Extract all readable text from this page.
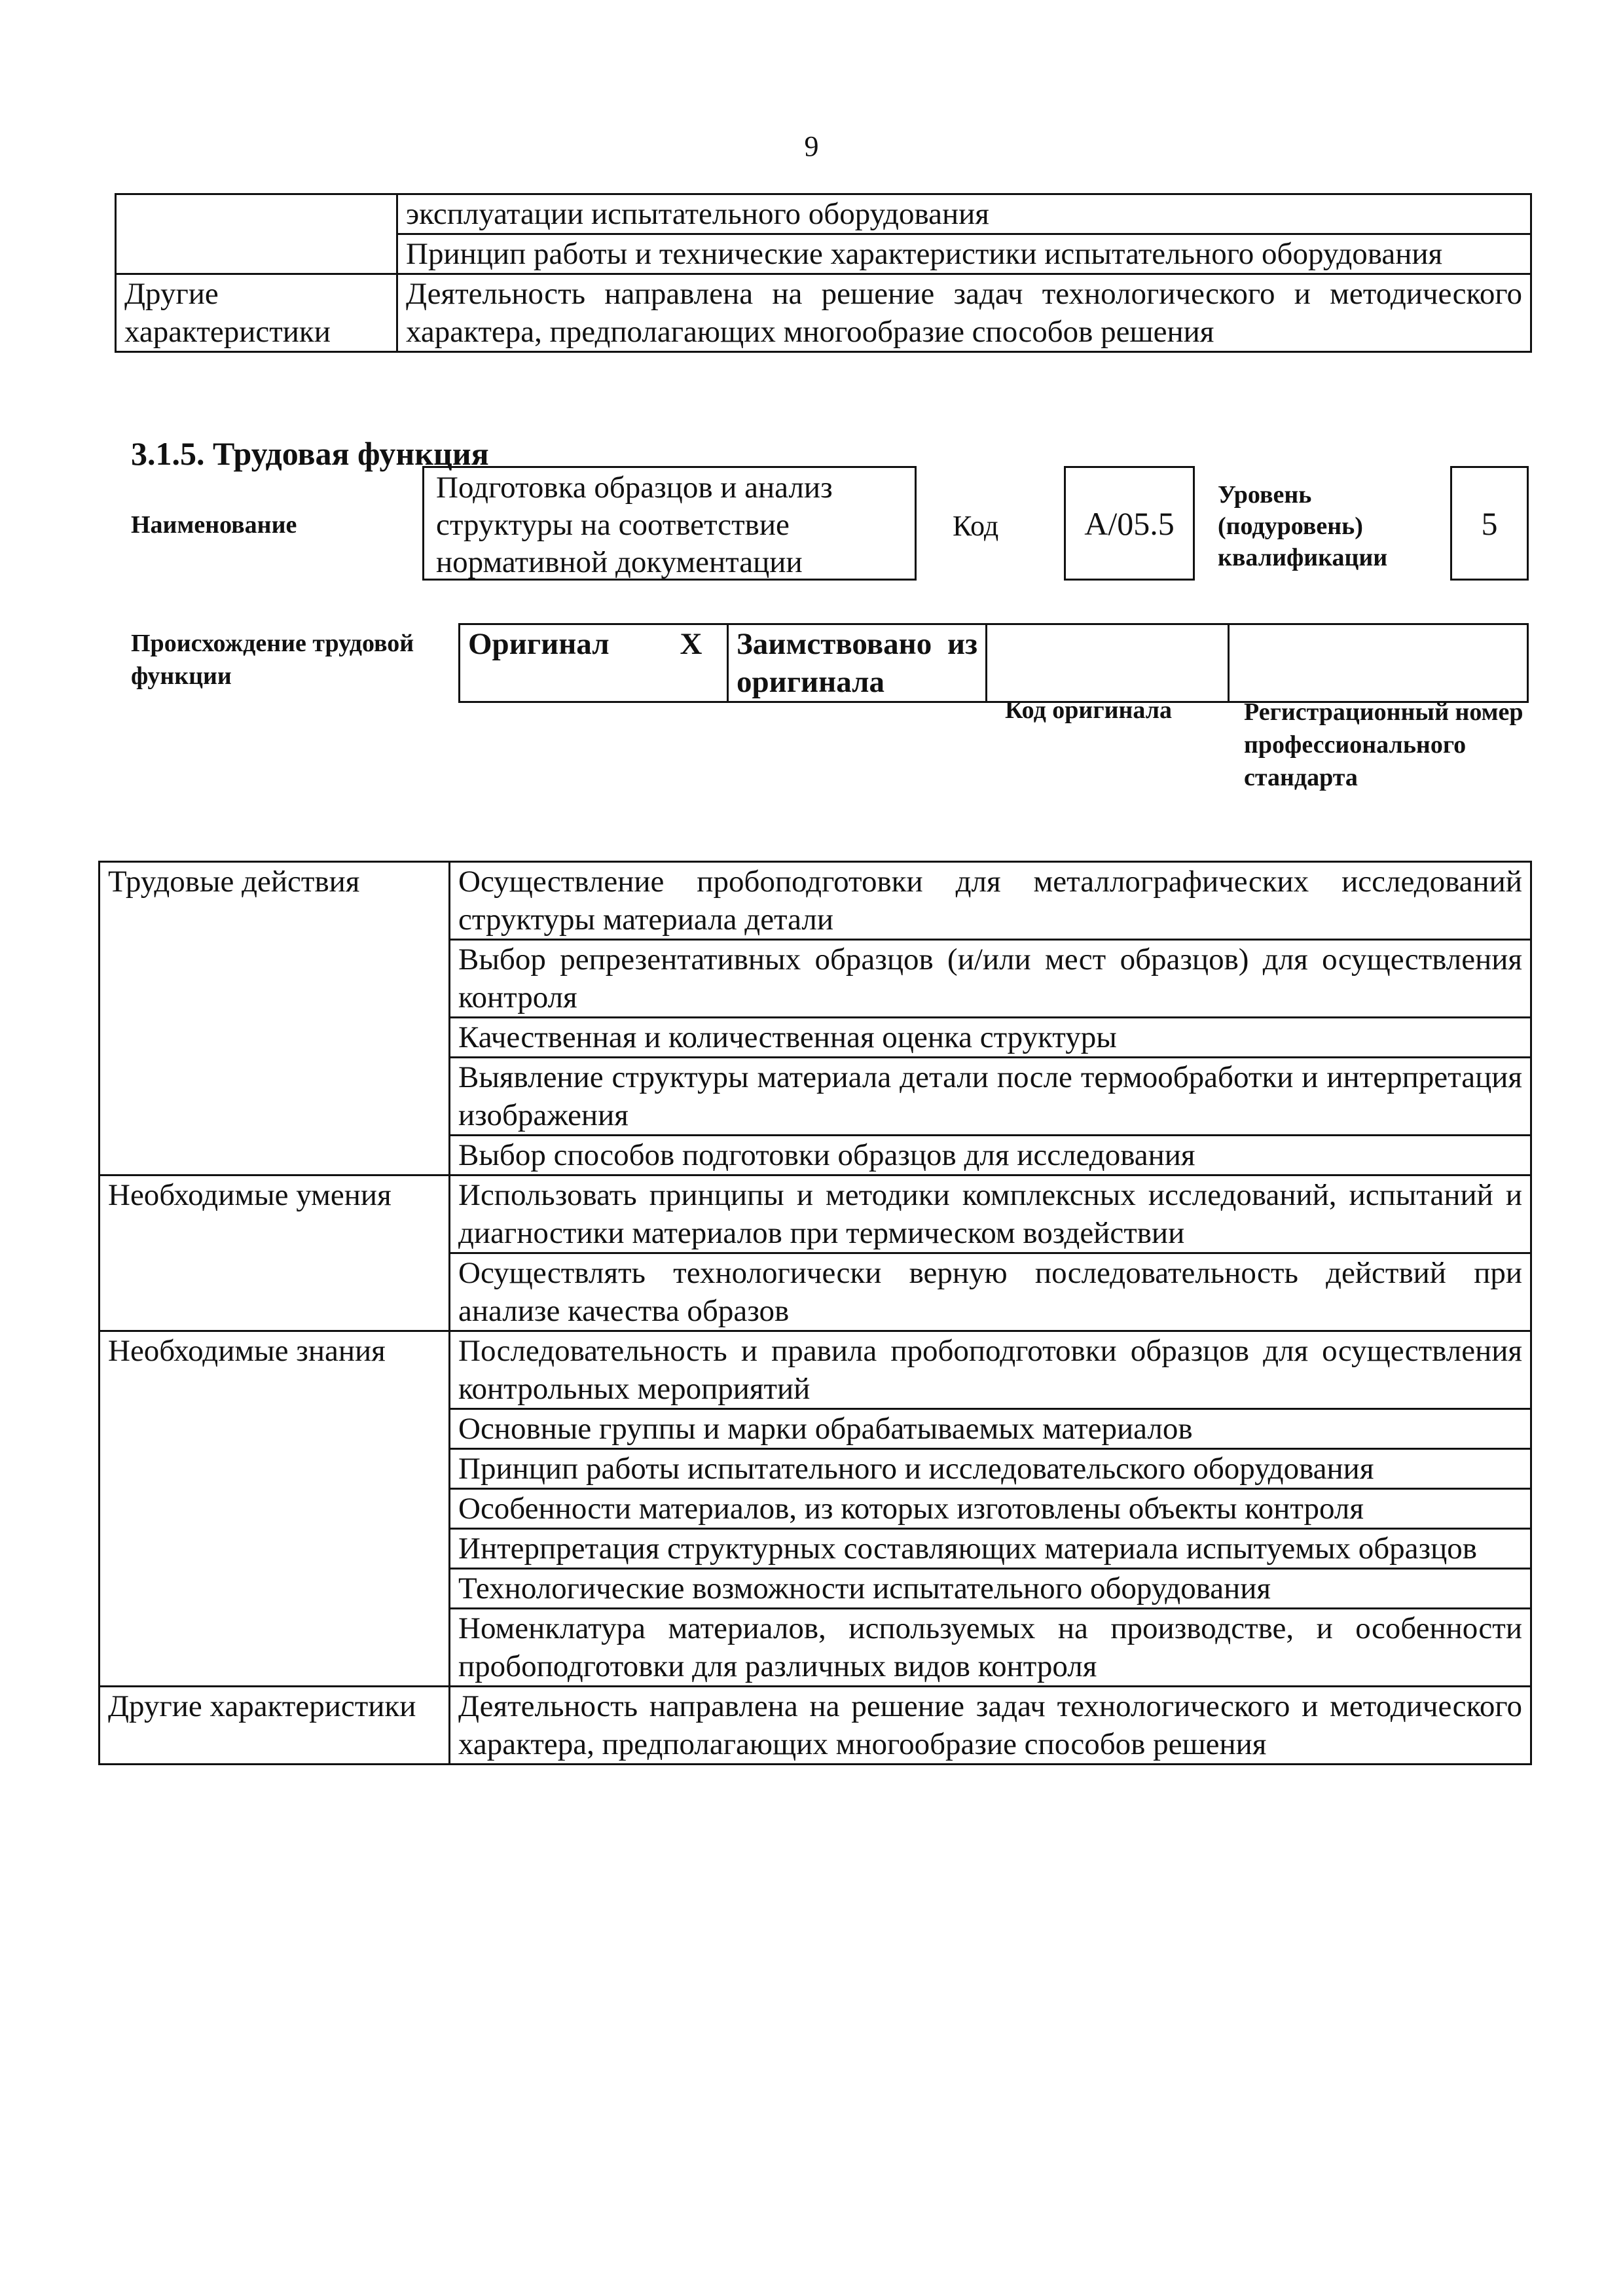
9
	эксплуатации испытательного оборудования
	Принцип работы и технические характеристики испытательного оборудования
Другие характеристики	Деятельность направлена на решение задач технологического и методического характера, предполагающих многообразие способов решения
3.1.5. Трудовая функция
Наименование
Подготовка образцов и анализ структуры на соответствие нормативной документации
Код	А/05.5
Уровень (подуровень) квалификации
5
Происхождение трудовой функции
Оригинал	X	Заимствовано из оригинала		
Код оригинала	Регистрационный номер профессионального стандарта
Трудовые действия	Осуществление пробоподготовки для металлографических исследований структуры материала детали
	Выбор репрезентативных образцов (и/или мест образцов) для осуществления контроля
	Качественная и количественная оценка структуры
	Выявление структуры материала детали после термообработки и интерпретация изображения
	Выбор способов подготовки образцов для исследования
Необходимые умения	Использовать принципы и методики комплексных исследований, испытаний и диагностики материалов при термическом воздействии
	Осуществлять технологически верную последовательность действий при анализе качества образов
Необходимые знания	Последовательность и правила пробоподготовки образцов для осуществления контрольных мероприятий
	Основные группы и марки обрабатываемых материалов
	Принцип работы испытательного и исследовательского оборудования
	Особенности материалов, из которых изготовлены объекты контроля
	Интерпретация структурных составляющих материала испытуемых образцов
	Технологические возможности испытательного оборудования
	Номенклатура материалов, используемых на производстве, и особенности пробоподготовки для различных видов контроля
Другие характеристики	Деятельность направлена на решение задач технологического и методического характера, предполагающих многообразие способов решения
